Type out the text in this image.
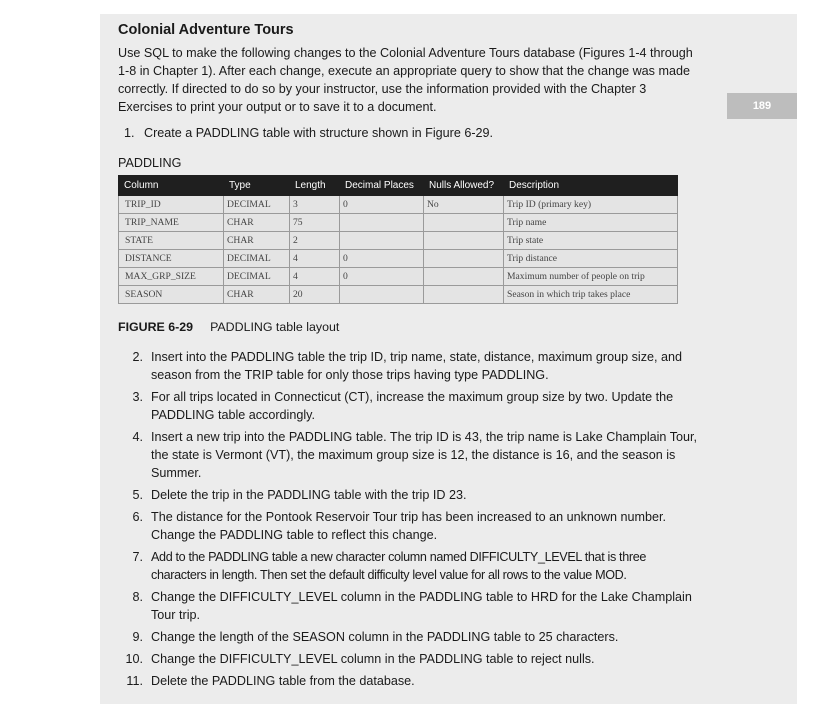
Colonial Adventure Tours

Use SQL to make the following changes to the Colonial Adventure Tours database (Figures 1-4 through 1-8 in Chapter 1). After each change, execute an appropriate query to show that the change was made correctly. If directed to do so by your instructor, use the information provided with the Chapter 3 Exercises to print your output or to save it to a document.

1. Create a PADDLING table with structure shown in Figure 6-29.

PADDLING

Column	Type	Length	Decimal Places	Nulls Allowed?	Description
TRIP_ID	DECIMAL	3	0	No	Trip ID (primary key)
TRIP_NAME	CHAR	75			Trip name
STATE	CHAR	2			Trip state
DISTANCE	DECIMAL	4	0		Trip distance
MAX_GRP_SIZE	DECIMAL	4	0		Maximum number of people on trip
SEASON	CHAR	20			Season in which trip takes place

FIGURE 6-29 PADDLING table layout

2. Insert into the PADDLING table the trip ID, trip name, state, distance, maximum group size, and season from the TRIP table for only those trips having type PADDLING.
3. For all trips located in Connecticut (CT), increase the maximum group size by two. Update the PADDLING table accordingly.
4. Insert a new trip into the PADDLING table. The trip ID is 43, the trip name is Lake Champlain Tour, the state is Vermont (VT), the maximum group size is 12, the distance is 16, and the season is Summer.
5. Delete the trip in the PADDLING table with the trip ID 23.
6. The distance for the Pontook Reservoir Tour trip has been increased to an unknown number. Change the PADDLING table to reflect this change.
7. Add to the PADDLING table a new character column named DIFFICULTY_LEVEL that is three characters in length. Then set the default difficulty level value for all rows to the value MOD.
8. Change the DIFFICULTY_LEVEL column in the PADDLING table to HRD for the Lake Champlain Tour trip.
9. Change the length of the SEASON column in the PADDLING table to 25 characters.
10. Change the DIFFICULTY_LEVEL column in the PADDLING table to reject nulls.
11. Delete the PADDLING table from the database.
189
